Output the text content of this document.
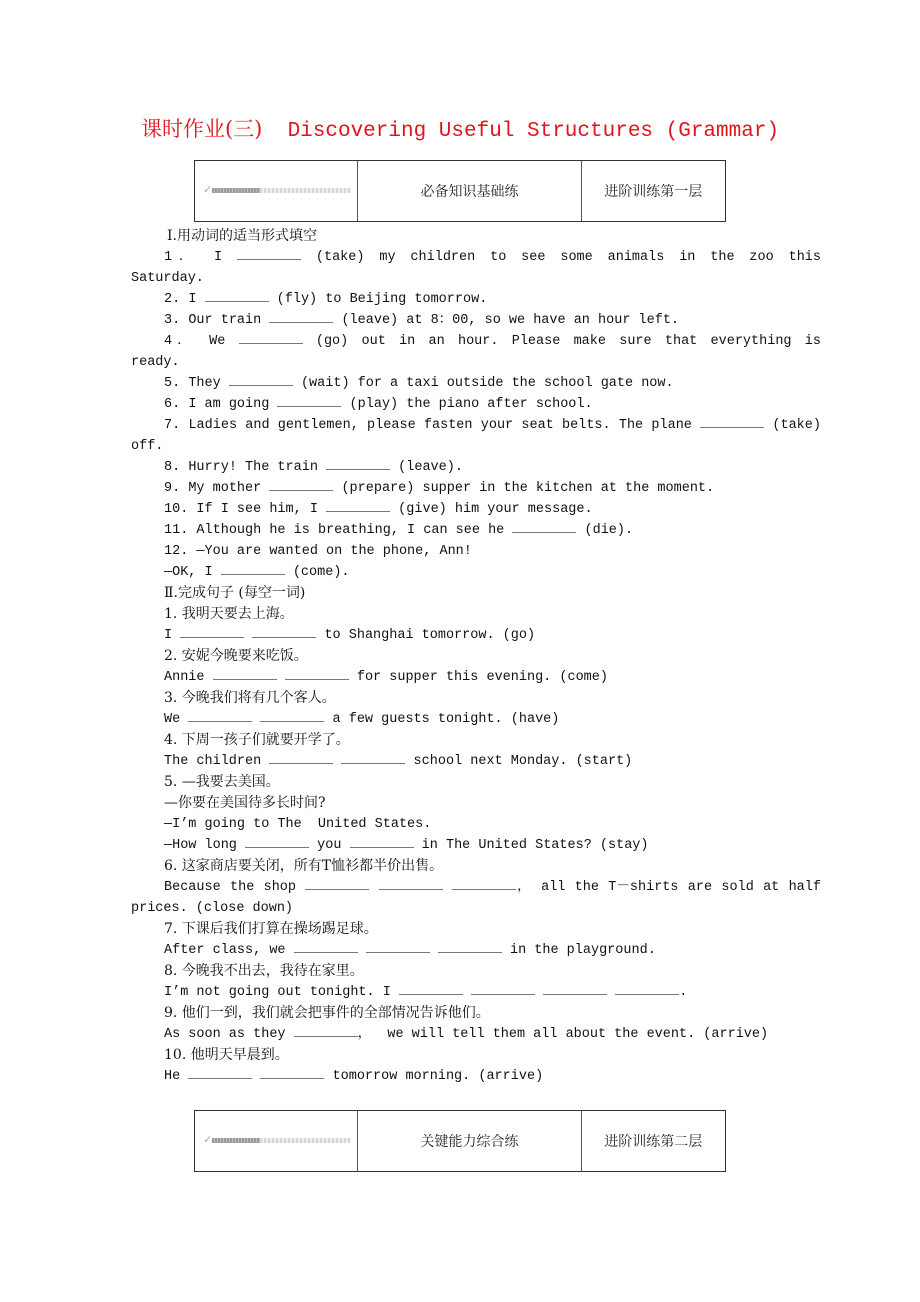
课时作业(三) Discovering Useful Structures (Grammar)
✓	必备知识基础练	进阶训练第一层
Ⅰ.用动词的适当形式填空
1． I	(take) my children to see some animals in the zoo this
Saturday.
2. I	(fly) to Beijing tomorrow.
3. Our train	(leave) at 8：00, so we have an hour left.
4． We	(go) out in an hour. Please make sure that everything is
ready.
5. They	(wait) for a taxi outside the school gate now.
6. I am going	(play) the piano after school.
7. Ladies and gentlemen, please fasten your seat belts. The plane	(take)
off.
8. Hurry! The train	(leave).
9. My mother	(prepare) supper in the kitchen at the moment.
10. If I see him, I	(give) him your message.
11. Although he is breathing, I can see he	(die).
12. —You are wanted on the phone, Ann!
—OK, I	(come).
Ⅱ.完成句子 (每空一词)
1. 我明天要去上海。
I	to Shanghai tomorrow. (go)
2. 安妮今晚要来吃饭。
Annie	for supper this evening. (come)
3. 今晚我们将有几个客人。
We	a few guests tonight. (have)
4. 下周一孩子们就要开学了。
The children	school next Monday. (start)
5. —我要去美国。
—你要在美国待多长时间?
—I’m going to The  United States.
—How long	you	in The United States? (stay)
6. 这家商店要关闭，所有T恤衫都半价出售。
Because the shop	， all the T－shirts are sold at half
prices. (close down)
7. 下课后我们打算在操场踢足球。
After class, we	in the playground.
8. 今晚我不出去，我待在家里。
I’m not going out tonight. I	.
9. 他们一到，我们就会把事件的全部情况告诉他们。
As soon as they	，  we will tell them all about the event. (arrive)
10. 他明天早晨到。
He	tomorrow morning. (arrive)
✓	关键能力综合练	进阶训练第二层
